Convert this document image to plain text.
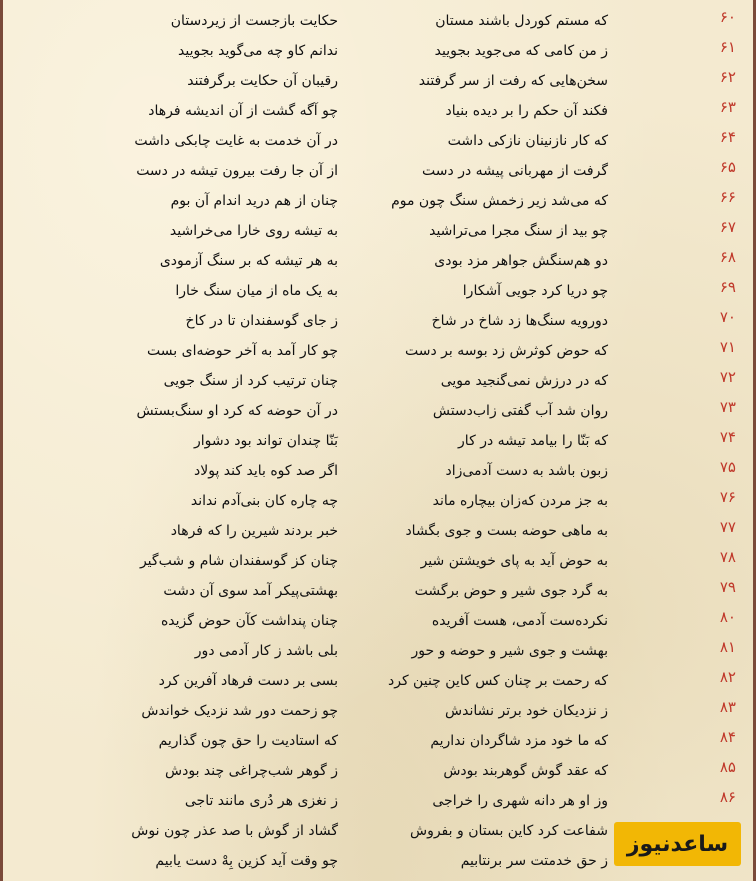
۶۰
حکایت بازجست از زیردستان	که مستم کوردل باشند مستان
۶۱
ندانم کاو چه می‌گوید بجویید	ز من کامی که می‌جوید بجویید
۶۲
رقیبان آن حکایت برگرفتند	سخن‌هایی که رفت از سر گرفتند
۶۳
چو آگه گشت از آن اندیشه فرهاد	فکند آن حکم را بر دیده بنیاد
۶۴
در آن خدمت به غایت چابکی داشت	که کار نازنینان نازکی داشت
۶۵
از آن جا رفت بیرون تیشه در دست	گرفت از مهربانی پیشه در دست
۶۶
چنان از هم درید اندام آن بوم	که می‌شد زیر زخمش سنگ چون موم
۶۷
به تیشه روی خارا می‌خراشید	چو بید از سنگ مجرا می‌تراشید
۶۸
به هر تیشه که بر سنگ آزمودی	دو هم‌سنگش جواهر مزد بودی
۶۹
به یک ماه از میان سنگ خارا	چو دریا کرد جویی آشکارا
۷۰
ز جای گوسفندان تا در کاخ	دورویه سنگ‌ها زد شاخ در شاخ
۷۱
چو کار آمد به آخر حوضه‌ای بست	که حوض کوثرش زد بوسه بر دست
۷۲
چنان ترتیب کرد از سنگ جویی	که در درزش نمی‌گنجید مویی
۷۳
در آن حوضه که کرد او سنگ‌بستش	روان شد آب گفتی زاب‌دستش
۷۴
بَنّا چندان تواند بود دشوار	که بَنّا را بیامد تیشه در کار
۷۵
اگر صد کوه باید کند پولاد	زبون باشد به دست آدمی‌زاد
۷۶
چه چاره کان بنی‌آدم نداند	به جز مردن که‌زان بیچاره ماند
۷۷
خبر بردند شیرین را که فرهاد	به ماهی حوضه بست و جوی بگشاد
۷۸
چنان کز گوسفندان شام و شب‌گیر	به حوض آید به پای خویشتن شیر
۷۹
بهشتی‌پیکر آمد سوی آن دشت	به گرد جوی شیر و حوض برگشت
۸۰
چنان پنداشت کآن حوض گزیده	نکرده‌ست آدمی، هست آفریده
۸۱
بلی باشد ز کار آدمی دور	بهشت و جوی شیر و حوضه و حور
۸۲
بسی بر دست فرهاد آفرین کرد	که رحمت بر چنان کس کاین چنین کرد
۸۳
چو زحمت دور شد نزدیک خواندش	ز نزدیکان خود برتر نشاندش
۸۴
که استادیت را حق چون گذاریم	که ما خود مزد شاگردان نداریم
۸۵
ز گوهر شب‌چراغی چند بودش	که عقد گوش گوهربند بودش
۸۶
ز نغزی هر دُری مانند تاجی	وز او هر دانه شهری را خراجی
گشاد از گوش با صد عذر چون نوش	شفاعت کرد کاین بستان و بفروش
چو وقت آید کزین بِهْ دست یابیم	ز حق خدمتت سر برنتابیم
ساعدنیوز
